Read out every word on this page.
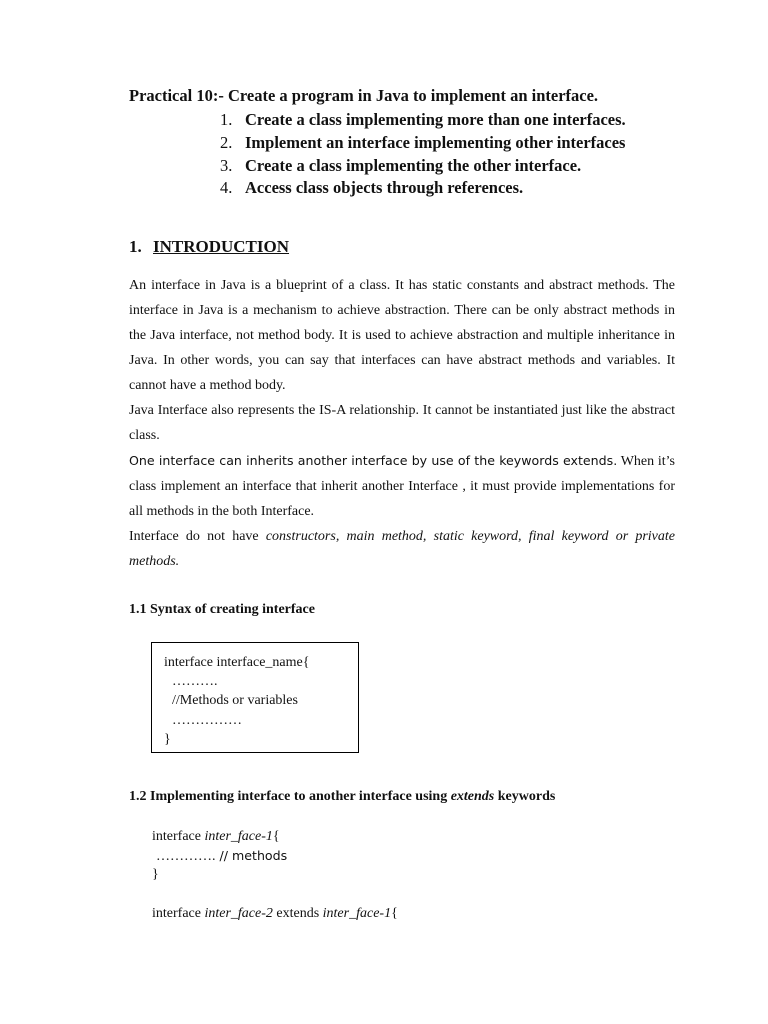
Practical 10:- Create a program in Java to implement an interface.
1. Create a class implementing more than one interfaces.
2. Implement an interface implementing other interfaces
3. Create a class implementing the other interface.
4. Access class objects through references.
1. INTRODUCTION

An interface in Java is a blueprint of a class. It has static constants and abstract methods. The interface in Java is a mechanism to achieve abstraction. There can be only abstract methods in the Java interface, not method body. It is used to achieve abstraction and multiple inheritance in Java. In other words, you can say that interfaces can have abstract methods and variables. It cannot have a method body.

Java Interface also represents the IS-A relationship. It cannot be instantiated just like the abstract class.

One interface can inherits another interface by use of the keywords extends. When it’s class implement an interface that inherit another Interface , it must provide implementations for all methods in the both Interface.

Interface do not have constructors, main method, static keyword, final keyword or private methods.

1.1 Syntax of creating interface
interface interface_name{
……….
//Methods or variables
……………
}
1.2 Implementing interface to another interface using extends keywords
interface inter_face-1{
…………. // methods
}
interface inter_face-2 extends inter_face-1{
